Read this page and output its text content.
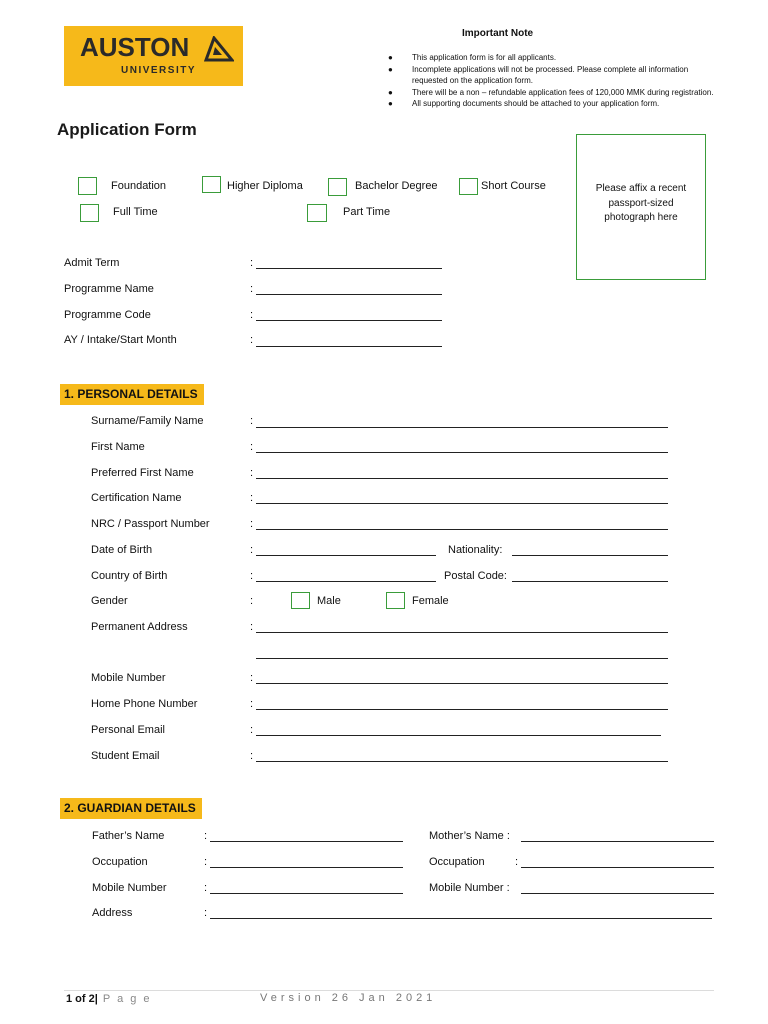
AUSTON
UNIVERSITY
Important Note
● This application form is for all applicants.
● Incomplete applications will not be processed. Please complete all information requested on the application form.
● There will be a non – refundable application fees of 120,000 MMK during registration.
● All supporting documents should be attached to your application form.
Application Form
Please affix a recent passport-sized photograph here
Foundation	Higher Diploma	Bachelor Degree	Short Course
Full Time	Part Time
Admit Term	:
Programme Name	:
Programme Code	:
AY / Intake/Start Month	:
1. PERSONAL DETAILS
Surname/Family Name	:
First Name	:
Preferred First Name	:
Certification Name	:
NRC / Passport Number	:
Date of Birth	:	Nationality:
Country of Birth	:	Postal Code:
Gender	:	Male	Female
Permanent Address	:
Mobile Number	:
Home Phone Number	:
Personal Email	:
Student Email	:
2. GUARDIAN DETAILS
Father’s Name	:	Mother’s Name :
Occupation	:	Occupation	:
Mobile Number	:	Mobile Number :
Address	:
1 of 2| P a g e	Version 26 Jan 2021
